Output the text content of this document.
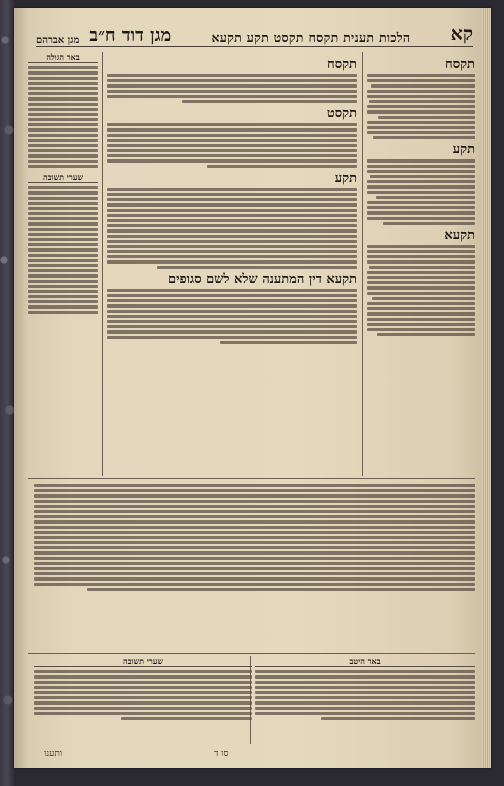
קא
הלכות תענית תקסח תקסט תקע תקעא
מגן אברהם מגן דוד ח״ב
תקסח
תקע
תקעא
תקסח
תקסט
תקע
תקעא דין המתענה שלא לשם סגופים
באר הגולה
שערי תשובה
באר היטב
שערי תשובה
סו ד
ותענו
